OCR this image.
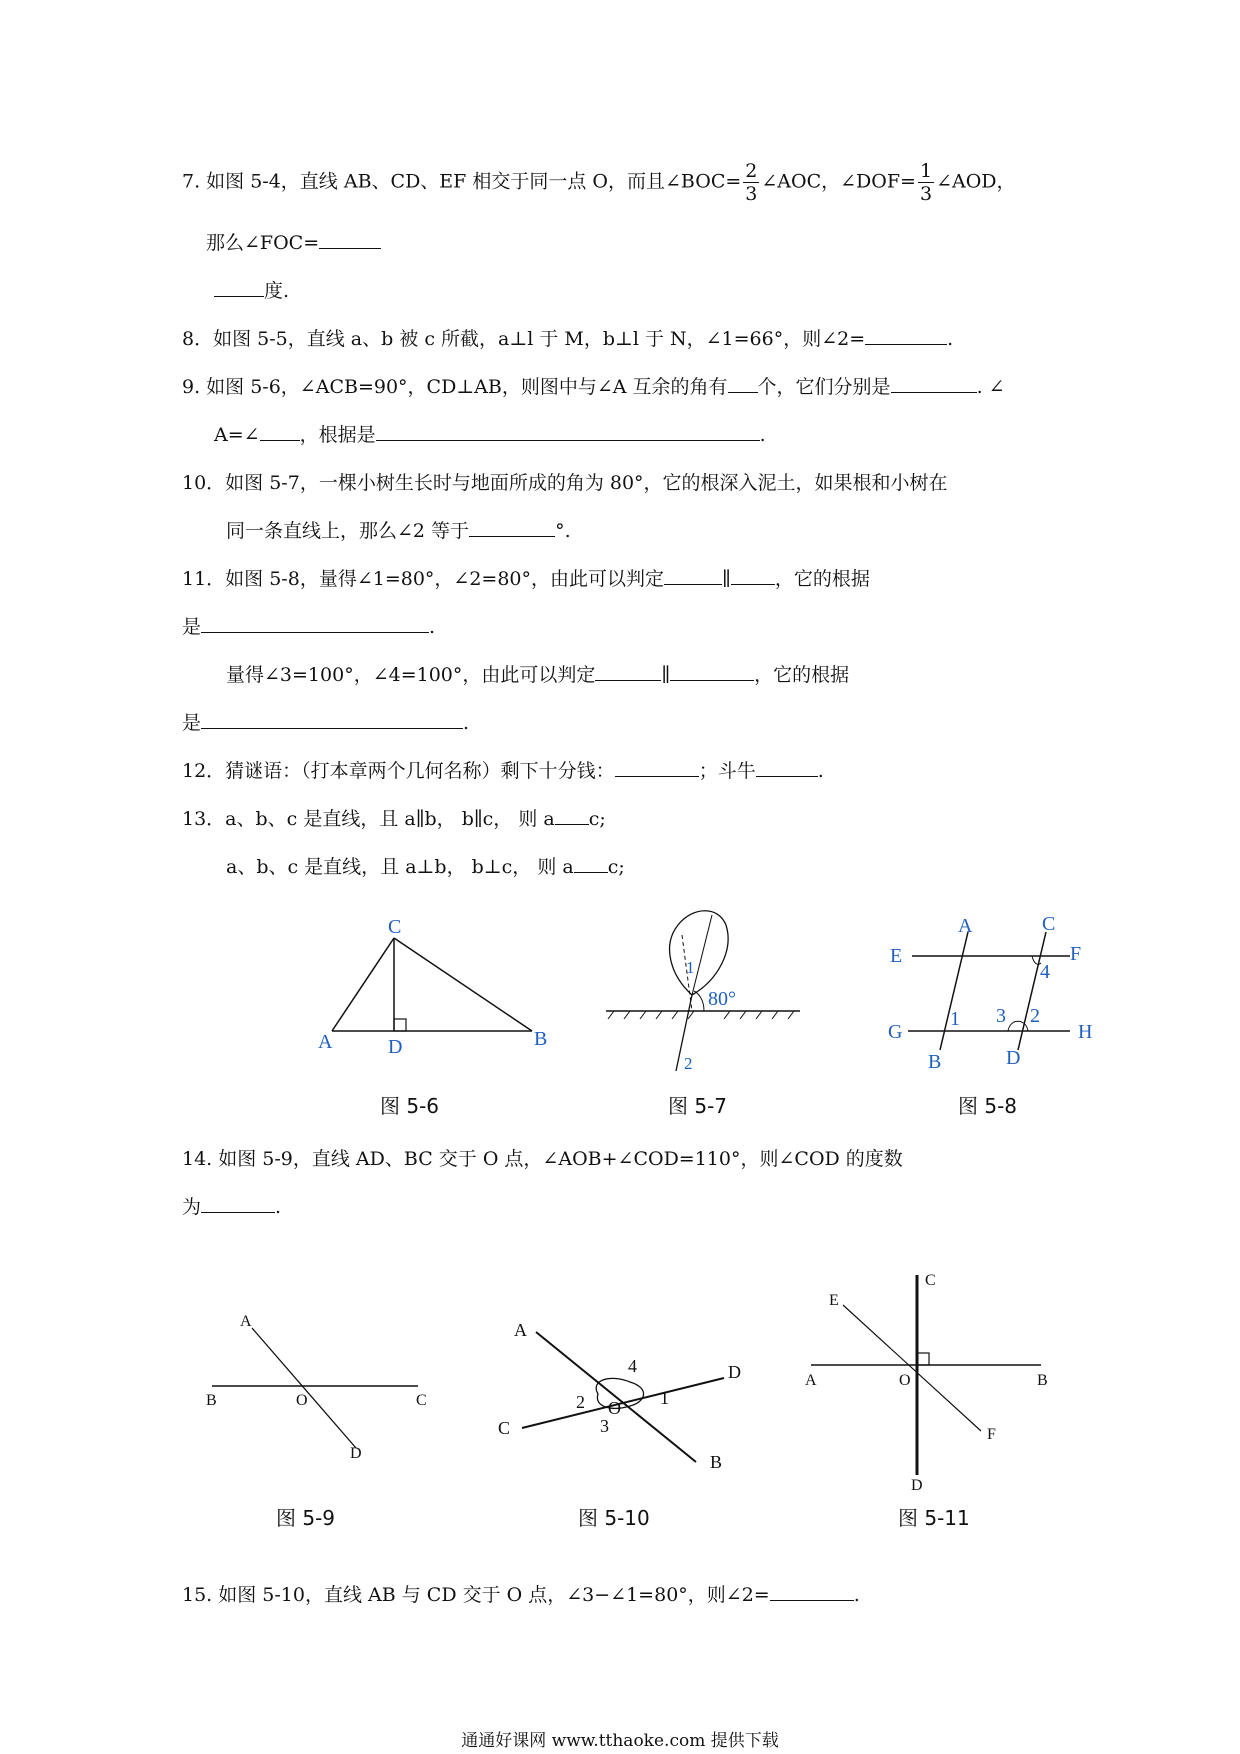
7. 如图 5-4，直线 AB、CD、EF 相交于同一点 O，而且∠BOC= $\frac{2}{3}$ ∠AOC，∠DOF= $\frac{1}{3}$ ∠AOD，
那么∠FOC=
度.
8．如图 5-5，直线 a、b 被 c 所截，a⊥l 于 M，b⊥l 于 N，∠1=66°，则∠2=	.
9. 如图 5-6，∠ACB=90°，CD⊥AB，则图中与∠A 互余的角有 个，它们分别是	. ∠
A=∠ ，根据是	.
10．如图 5-7，一棵小树生长时与地面所成的角为 80°，它的根深入泥土，如果根和小树在
同一条直线上，那么∠2 等于	°.
11．如图 5-8，量得∠1=80°，∠2=80°，由此可以判定	∥ ，它的根据
是	.
量得∠3=100°，∠4=100°，由此可以判定	∥	，它的根据
是	.
12．猜谜语：（打本章两个几何名称）剩下十分钱：	；斗牛	.
13．a、b、c 是直线，且 a∥b， b∥c， 则 a c;
a、b、c 是直线，且 a⊥b， b⊥c， 则 a c;
C
A	D	B
图 5-6
1
80°
2
图 5-7
A	C
E	F
4
G	H
1 3 2
B	D
图 5-8
14. 如图 5-9，直线 AD、BC 交于 O 点，∠AOB+∠COD=110°，则∠COD 的度数
为	.
A
B	O	C
D
图 5-9
A
4	D
2	1
O
3
C
B
图 5-10
C
E
A	O	B
F
D
图 5-11
15. 如图 5-10，直线 AB 与 CD 交于 O 点，∠3−∠1=80°，则∠2=	.
通通好课网 www.tthaoke.com 提供下载
